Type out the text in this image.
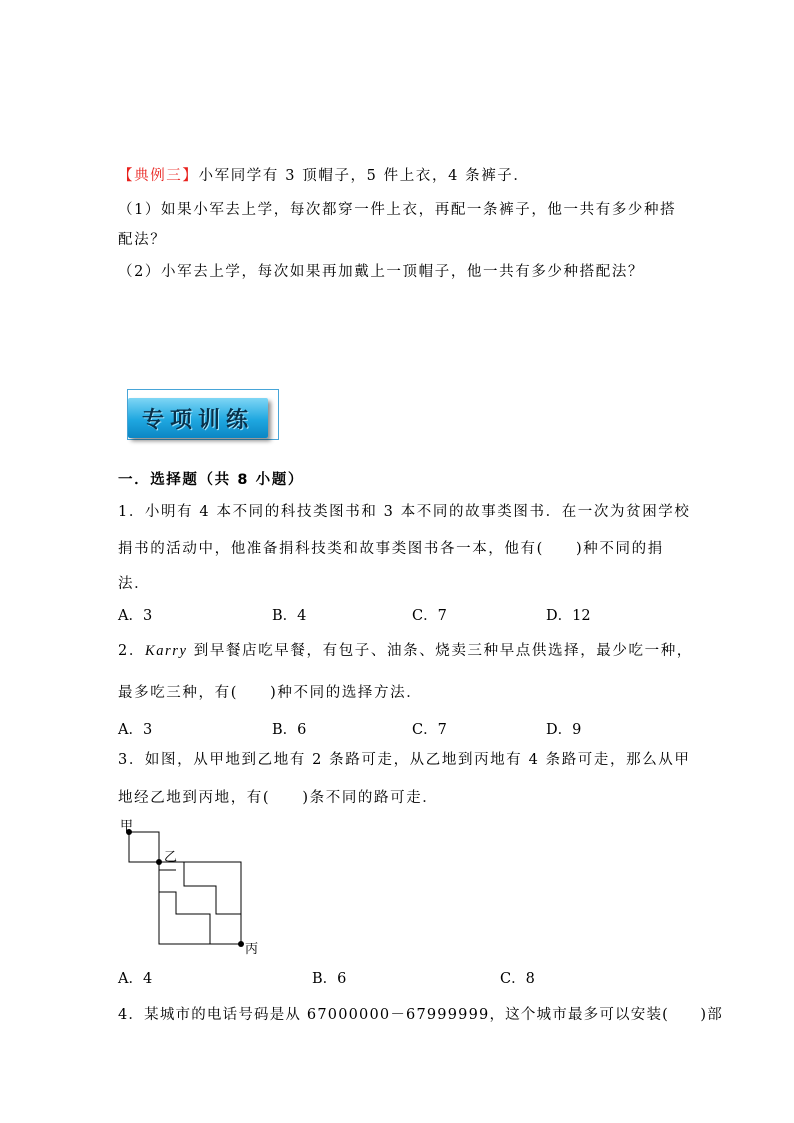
【典例三】小军同学有 3 顶帽子，5 件上衣，4 条裤子．
（1）如果小军去上学，每次都穿一件上衣，再配一条裤子，他一共有多少种搭
配法？
（2）小军去上学，每次如果再加戴上一顶帽子，他一共有多少种搭配法？
专项训练
一．选择题（共 8 小题）
1．小明有 4 本不同的科技类图书和 3 本不同的故事类图书．在一次为贫困学校
捐书的活动中，他准备捐科技类和故事类图书各一本，他有(　　)种不同的捐
法．
A．3	B．4	C．7	D．12
2．Karry 到早餐店吃早餐，有包子、油条、烧卖三种早点供选择，最少吃一种，
最多吃三种，有(　　)种不同的选择方法．
A．3	B．6	C．7	D．9
3．如图，从甲地到乙地有 2 条路可走，从乙地到丙地有 4 条路可走，那么从甲
地经乙地到丙地，有(　　)条不同的路可走．
甲
乙
丙
A．4	B．6	C．8
4．某城市的电话号码是从 67000000－67999999，这个城市最多可以安装(　　)部
